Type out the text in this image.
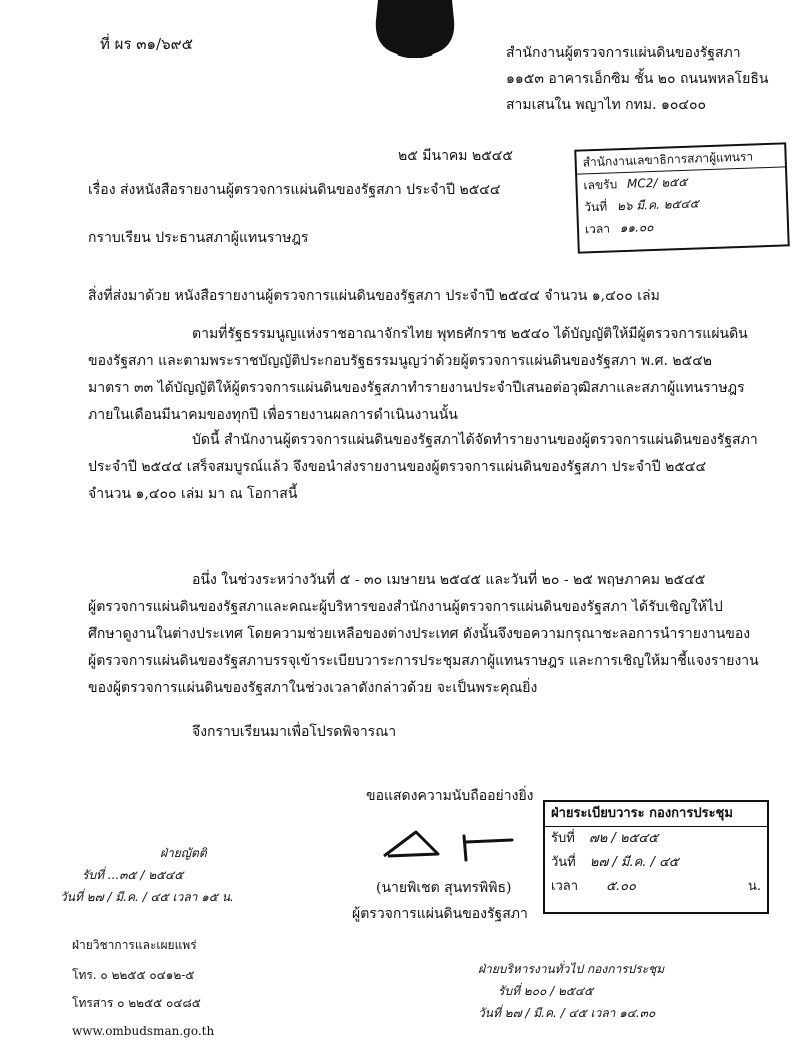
ที่ ผร ๓๑/๖๙๕	สำนักงานผู้ตรวจการแผ่นดินของรัฐสภา
๑๑๕๓ อาคารเอ็กซิม ชั้น ๒๐ ถนนพหลโยธิน
สามเสนใน พญาไท กทม. ๑๐๔๐๐
๒๕ มีนาคม ๒๕๔๕	สำนักงานเลขาธิการสภาผู้แทนรา
เลขรับ MC2/ ๒๕๕
วันที่ ๒๖ มี.ค. ๒๕๔๕
เวลา ๑๑.๐๐
เรื่อง ส่งหนังสือรายงานผู้ตรวจการแผ่นดินของรัฐสภา ประจำปี ๒๕๔๔
กราบเรียน ประธานสภาผู้แทนราษฎร
สิ่งที่ส่งมาด้วย หนังสือรายงานผู้ตรวจการแผ่นดินของรัฐสภา ประจำปี ๒๕๔๔ จำนวน ๑,๔๐๐ เล่ม
ตามที่รัฐธรรมนูญแห่งราชอาณาจักรไทย พุทธศักราช ๒๕๔๐ ได้บัญญัติให้มีผู้ตรวจการแผ่นดิน
ของรัฐสภา และตามพระราชบัญญัติประกอบรัฐธรรมนูญว่าด้วยผู้ตรวจการแผ่นดินของรัฐสภา พ.ศ. ๒๕๔๒
มาตรา ๓๓ ได้บัญญัติให้ผู้ตรวจการแผ่นดินของรัฐสภาทำรายงานประจำปีเสนอต่อวุฒิสภาและสภาผู้แทนราษฎร
ภายในเดือนมีนาคมของทุกปี เพื่อรายงานผลการดำเนินงานนั้น
บัดนี้ สำนักงานผู้ตรวจการแผ่นดินของรัฐสภาได้จัดทำรายงานของผู้ตรวจการแผ่นดินของรัฐสภา
ประจำปี ๒๕๔๔ เสร็จสมบูรณ์แล้ว จึงขอนำส่งรายงานของผู้ตรวจการแผ่นดินของรัฐสภา ประจำปี ๒๕๔๔
จำนวน ๑,๔๐๐ เล่ม มา ณ โอกาสนี้
อนึ่ง ในช่วงระหว่างวันที่ ๕ - ๓๐ เมษายน ๒๕๔๕ และวันที่ ๒๐ - ๒๕ พฤษภาคม ๒๕๔๕
ผู้ตรวจการแผ่นดินของรัฐสภาและคณะผู้บริหารของสำนักงานผู้ตรวจการแผ่นดินของรัฐสภา ได้รับเชิญให้ไป
ศึกษาดูงานในต่างประเทศ โดยความช่วยเหลือของต่างประเทศ ดังนั้นจึงขอความกรุณาชะลอการนำรายงานของ
ผู้ตรวจการแผ่นดินของรัฐสภาบรรจุเข้าระเบียบวาระการประชุมสภาผู้แทนราษฎร และการเชิญให้มาชี้แจงรายงาน
ของผู้ตรวจการแผ่นดินของรัฐสภาในช่วงเวลาดังกล่าวด้วย จะเป็นพระคุณยิ่ง
จึงกราบเรียนมาเพื่อโปรดพิจารณา
ขอแสดงความนับถืออย่างยิ่ง
(นายพิเชต สุนทรพิพิธ)
ผู้ตรวจการแผ่นดินของรัฐสภา
ฝ่ายระเบียบวาระ กองการประชุม
รับที่ ๗๒ / ๒๕๔๕
วันที่ ๒๗ / มี.ค. / ๔๕
เวลา ๕.๐๐	น.
ฝ่ายญัตติ
รับที่ ...๓๕ / ๒๕๔๕
วันที่ ๒๗ / มี.ค. / ๔๕ เวลา ๑๕ น.
ฝ่ายวิชาการและเผยแพร่
โทร. ๐ ๒๒๕๕ ๐๔๑๒-๕
โทรสาร ๐ ๒๒๕๕ ๐๔๘๕
www.ombudsman.go.th
ฝ่ายบริหารงานทั่วไป กองการประชุม
รับที่ ๒๐๐ / ๒๕๔๕
วันที่ ๒๗ / มี.ค. / ๔๕ เวลา ๑๔.๓๐
